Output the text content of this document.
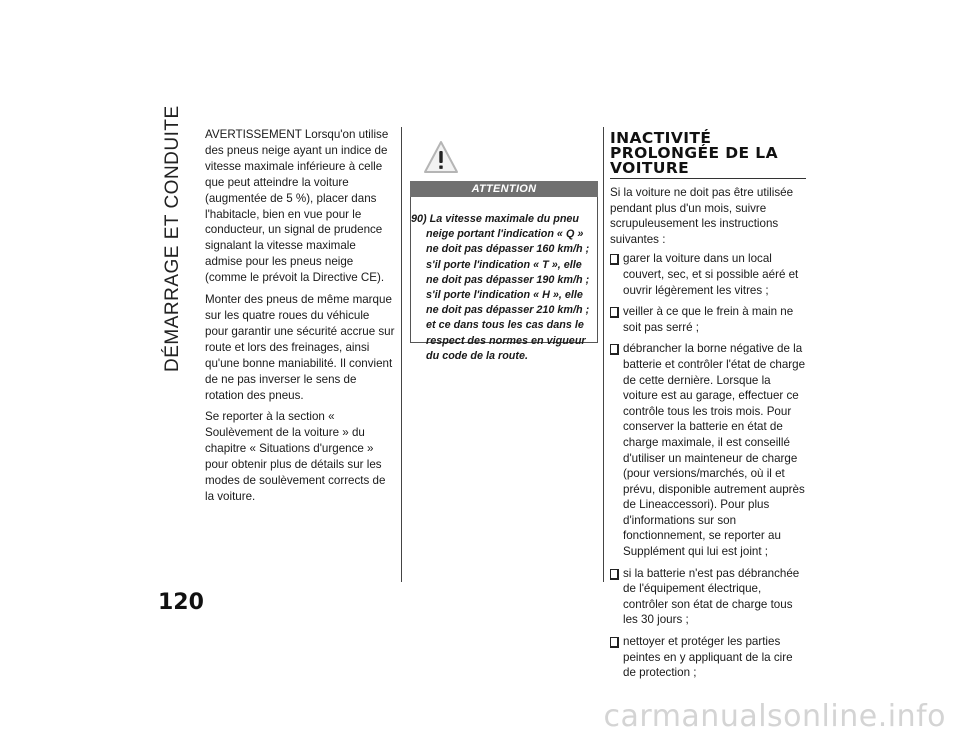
DÉMARRAGE ET CONDUITE
120

AVERTISSEMENT Lorsqu'on utilise des pneus neige ayant un indice de vitesse maximale inférieure à celle que peut atteindre la voiture (augmentée de 5 %), placer dans l'habitacle, bien en vue pour le conducteur, un signal de prudence signalant la vitesse maximale admise pour les pneus neige (comme le prévoit la Directive CE).

Monter des pneus de même marque sur les quatre roues du véhicule pour garantir une sécurité accrue sur route et lors des freinages, ainsi qu'une bonne maniabilité. Il convient de ne pas inverser le sens de rotation des pneus.

Se reporter à la section « Soulèvement de la voiture » du chapitre « Situations d'urgence » pour obtenir plus de détails sur les modes de soulèvement corrects de la voiture.

ATTENTION
90) La vitesse maximale du pneu neige portant l'indication « Q » ne doit pas dépasser 160 km/h ; s'il porte l'indication « T », elle ne doit pas dépasser 190 km/h ; s'il porte l'indication « H », elle ne doit pas dépasser 210 km/h ; et ce dans tous les cas dans le respect des normes en vigueur du code de la route.
INACTIVITÉ PROLONGÉE DE LA VOITURE

Si la voiture ne doit pas être utilisée pendant plus d'un mois, suivre scrupuleusement les instructions suivantes :

garer la voiture dans un local couvert, sec, et si possible aéré et ouvrir légèrement les vitres ;
veiller à ce que le frein à main ne soit pas serré ;
débrancher la borne négative de la batterie et contrôler l'état de charge de cette dernière. Lorsque la voiture est au garage, effectuer ce contrôle tous les trois mois. Pour conserver la batterie en état de charge maximale, il est conseillé d'utiliser un mainteneur de charge (pour versions/marchés, où il et prévu, disponible autrement auprès de Lineaccessori). Pour plus d'informations sur son fonctionnement, se reporter au Supplément qui lui est joint ;
si la batterie n'est pas débranchée de l'équipement électrique, contrôler son état de charge tous les 30 jours ;
nettoyer et protéger les parties peintes en y appliquant de la cire de protection ;
carmanualsonline.info
